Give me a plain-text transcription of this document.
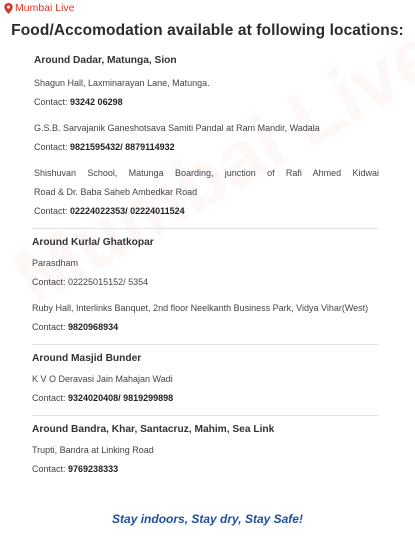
Mumbai Live
Food/Accomodation available at following locations:
Around Dadar, Matunga, Sion
Shagun Hall, Laxminarayan Lane, Matunga.
Contact: 93242 06298
G.S.B. Sarvajanik Ganeshotsava Samiti Pandal at Ram Mandir, Wadala
Contact: 9821595432/ 8879114932
Shishuvan School, Matunga Boarding, junction of Rafi Ahmed Kidwai
Road & Dr. Baba Saheb Ambedkar Road
Contact: 02224022353/ 02224011524
Around Kurla/ Ghatkopar
Parasdham
Contact: 02225015152/ 5354
Ruby Hall, Interlinks Banquet, 2nd floor Neelkanth Business Park, Vidya Vihar(West)
Contact: 9820968934
Around Masjid Bunder
K V O Deravasi Jain Mahajan Wadi
Contact: 9324020408/ 9819299898
Around Bandra, Khar, Santacruz, Mahim, Sea Link
Trupti, Bandra at Linking Road
Contact: 9769238333
Stay indoors, Stay dry, Stay Safe!
